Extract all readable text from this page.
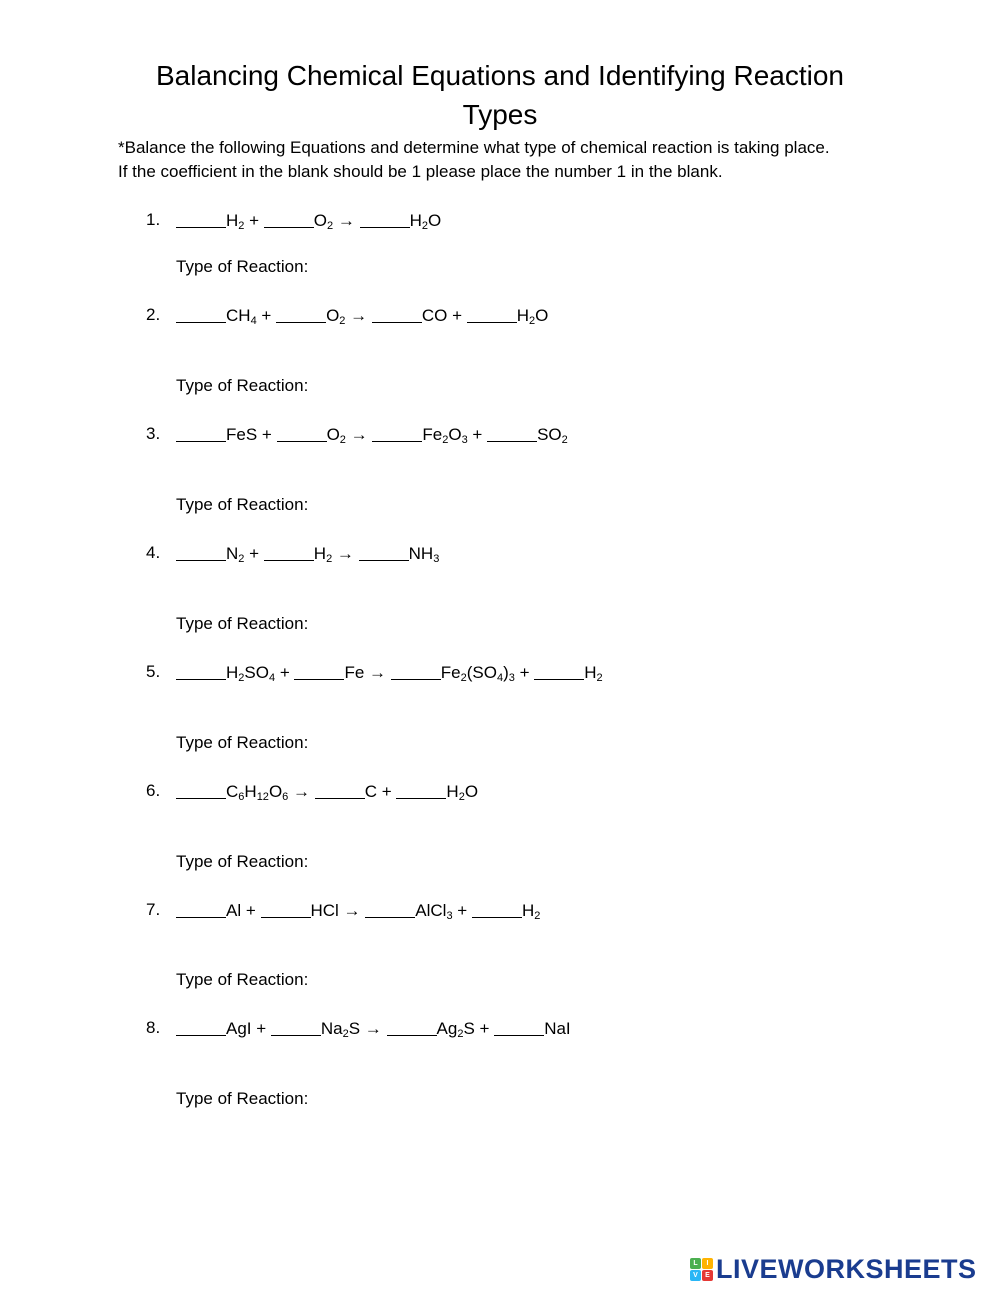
Balancing Chemical Equations and Identifying Reaction
Types
*Balance the following Equations and determine what type of chemical reaction is taking place.
If the coefficient in the blank should be 1 please place the number 1 in the blank.
1.	$H_2$ +	$O_2$ →	$H_2O$
Type of Reaction:
2.	$CH_4$ +	$O_2$ →	CO +	$H_2O$
Type of Reaction:
3.	FeS +	$O_2$ →	$Fe_2O_3$ +	$SO_2$
Type of Reaction:
4.	$N_2$ +	$H_2$ →	$NH_3$
Type of Reaction:
5.	$H_2SO_4$ +	Fe →	$Fe_2(SO_4)_3$ +	$H_2$
Type of Reaction:
6.	$C_6H_{12}O_6$ →	C +	$H_2O$
Type of Reaction:
7.	Al +	HCl →	AlCl$_3$ +	$H_2$
Type of Reaction:
8.	AgI +	$Na_2S$ →	$Ag_2S$ +	NaI
Type of Reaction:
L	I
V	E LIVEWORKSHEETS
